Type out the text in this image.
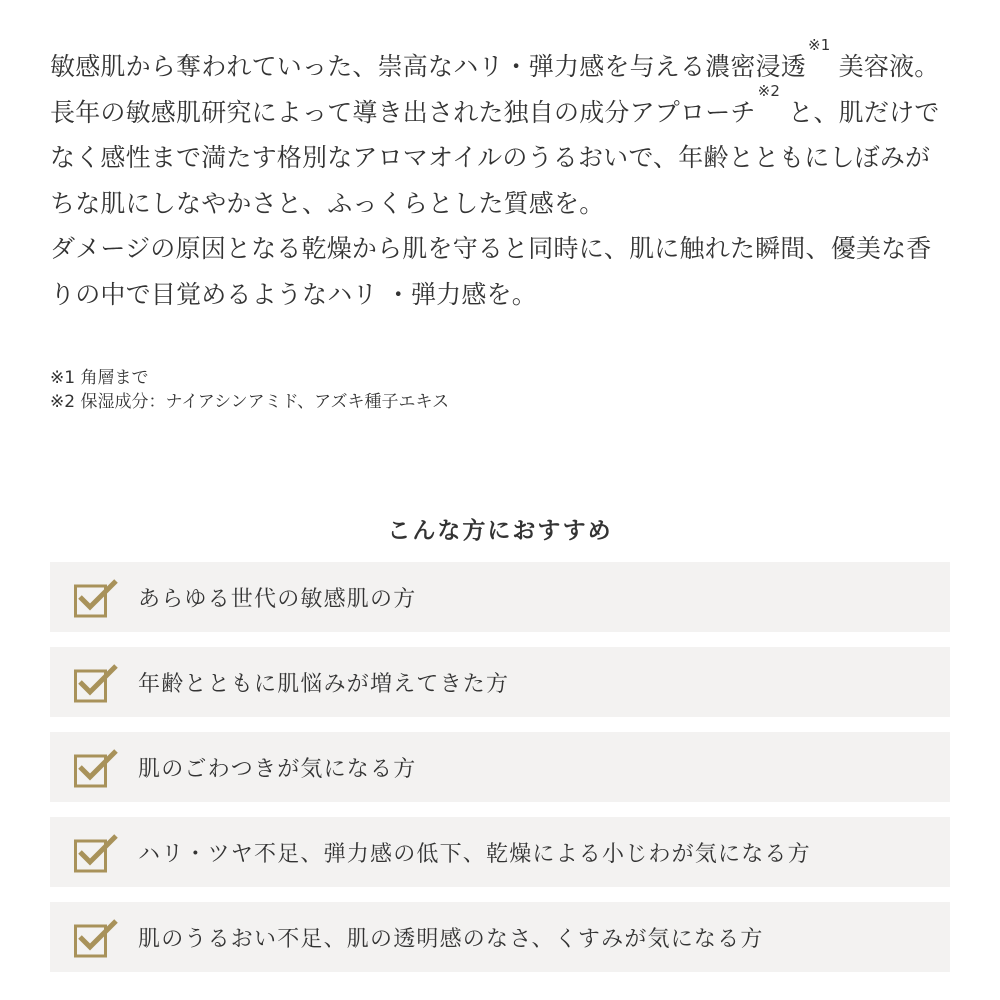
敏感肌から奪われていった、崇高なハリ・弾力感を与える濃密浸透$^{※1}$ 美容液。

長年の敏感肌研究によって導き出された独自の成分アプローチ$^{※2}$ と、肌だけでなく感性まで満たす格別なアロマオイルのうるおいで、年齢とともにしぼみがちな肌にしなやかさと、ふっくらとした質感を。

ダメージの原因となる乾燥から肌を守ると同時に、肌に触れた瞬間、優美な香りの中で目覚めるようなハリ ・弾力感を。

※1 角層まで
※2 保湿成分：ナイアシンアミド、アズキ種子エキス
こんな方におすすめ
あらゆる世代の敏感肌の方
年齢とともに肌悩みが増えてきた方
肌のごわつきが気になる方
ハリ・ツヤ不足、弾力感の低下、乾燥による小じわが気になる方
肌のうるおい不足、肌の透明感のなさ、くすみが気になる方
